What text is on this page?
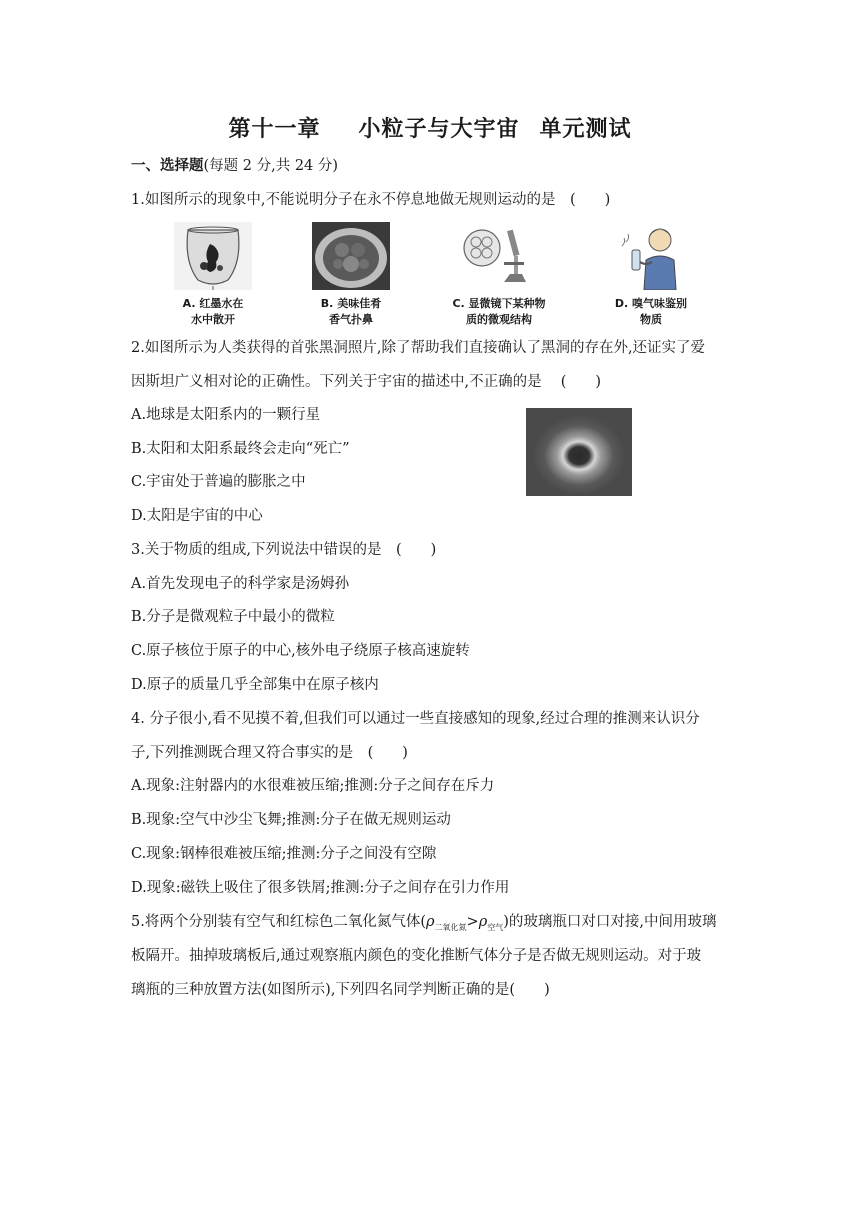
第十一章 小粒子与大宇宙 单元测试
一、选择题(每题 2 分,共 24 分)
1.如图所示的现象中,不能说明分子在永不停息地做无规则运动的是　(　　)
A. 红墨水在
水中散开
B. 美味佳肴
香气扑鼻
C. 显微镜下某种物
质的微观结构
D. 嗅气味鉴别
物质
2.如图所示为人类获得的首张黑洞照片,除了帮助我们直接确认了黑洞的存在外,还证实了爱
因斯坦广义相对论的正确性。下列关于宇宙的描述中,不正确的是　 (　　)
A.地球是太阳系内的一颗行星
B.太阳和太阳系最终会走向“死亡”
C.宇宙处于普遍的膨胀之中
D.太阳是宇宙的中心
3.关于物质的组成,下列说法中错误的是　(　　)
A.首先发现电子的科学家是汤姆孙
B.分子是微观粒子中最小的微粒
C.原子核位于原子的中心,核外电子绕原子核高速旋转
D.原子的质量几乎全部集中在原子核内
4. 分子很小,看不见摸不着,但我们可以通过一些直接感知的现象,经过合理的推测来认识分
子,下列推测既合理又符合事实的是　(　　)
A.现象:注射器内的水很难被压缩;推测:分子之间存在斥力
B.现象:空气中沙尘飞舞;推测:分子在做无规则运动
C.现象:钢棒很难被压缩;推测:分子之间没有空隙
D.现象:磁铁上吸住了很多铁屑;推测:分子之间存在引力作用
5.将两个分别装有空气和红棕色二氧化氮气体$(\rho_{二氧化氮}>\rho_{空气})$的玻璃瓶口对口对接,中间用玻璃
板隔开。抽掉玻璃板后,通过观察瓶内颜色的变化推断气体分子是否做无规则运动。对于玻
璃瓶的三种放置方法(如图所示),下列四名同学判断正确的是(　　)
